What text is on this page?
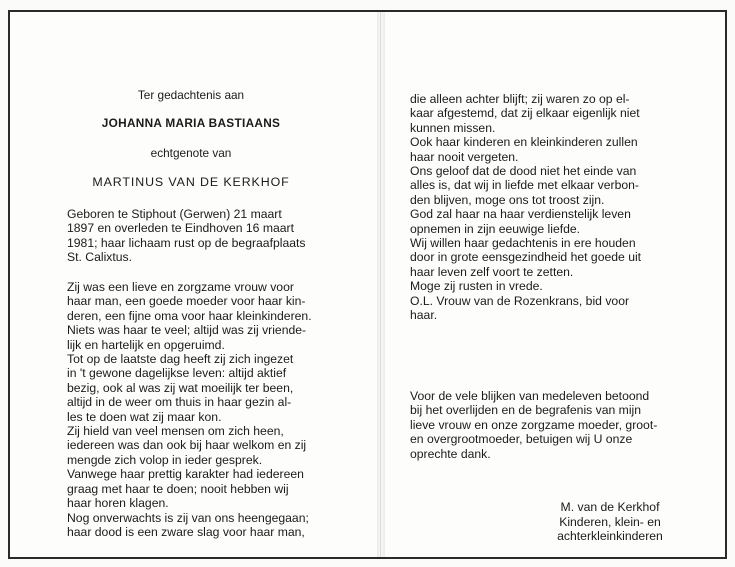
Ter gedachtenis aan
JOHANNA MARIA BASTIAANS
echtgenote van
MARTINUS VAN DE KERKHOF

Geboren te Stiphout (Gerwen) 21 maart
1897 en overleden te Eindhoven 16 maart
1981; haar lichaam rust op de begraafplaats
St. Calixtus.

Zij was een lieve en zorgzame vrouw voor
haar man, een goede moeder voor haar kin-
deren, een fijne oma voor haar kleinkinderen.
Niets was haar te veel; altijd was zij vriende-
lijk en hartelijk en opgeruimd.
Tot op de laatste dag heeft zij zich ingezet
in 't gewone dagelijkse leven: altijd aktief
bezig, ook al was zij wat moeilijk ter been,
altijd in de weer om thuis in haar gezin al-
les te doen wat zij maar kon.
Zij hield van veel mensen om zich heen,
iedereen was dan ook bij haar welkom en zij
mengde zich volop in ieder gesprek.
Vanwege haar prettig karakter had iedereen
graag met haar te doen; nooit hebben wij
haar horen klagen.
Nog onverwachts is zij van ons heengegaan;
haar dood is een zware slag voor haar man,

die alleen achter blijft; zij waren zo op el-
kaar afgestemd, dat zij elkaar eigenlijk niet
kunnen missen.
Ook haar kinderen en kleinkinderen zullen
haar nooit vergeten.
Ons geloof dat de dood niet het einde van
alles is, dat wij in liefde met elkaar verbon-
den blijven, moge ons tot troost zijn.
God zal haar na haar verdienstelijk leven
opnemen in zijn eeuwige liefde.
Wij willen haar gedachtenis in ere houden
door in grote eensgezindheid het goede uit
haar leven zelf voort te zetten.
Moge zij rusten in vrede.
O.L. Vrouw van de Rozenkrans, bid voor
haar.

Voor de vele blijken van medeleven betoond
bij het overlijden en de begrafenis van mijn
lieve vrouw en onze zorgzame moeder, groot-
en overgrootmoeder, betuigen wij U onze
oprechte dank.

M. van de Kerkhof
Kinderen, klein- en
achterkleinkinderen
